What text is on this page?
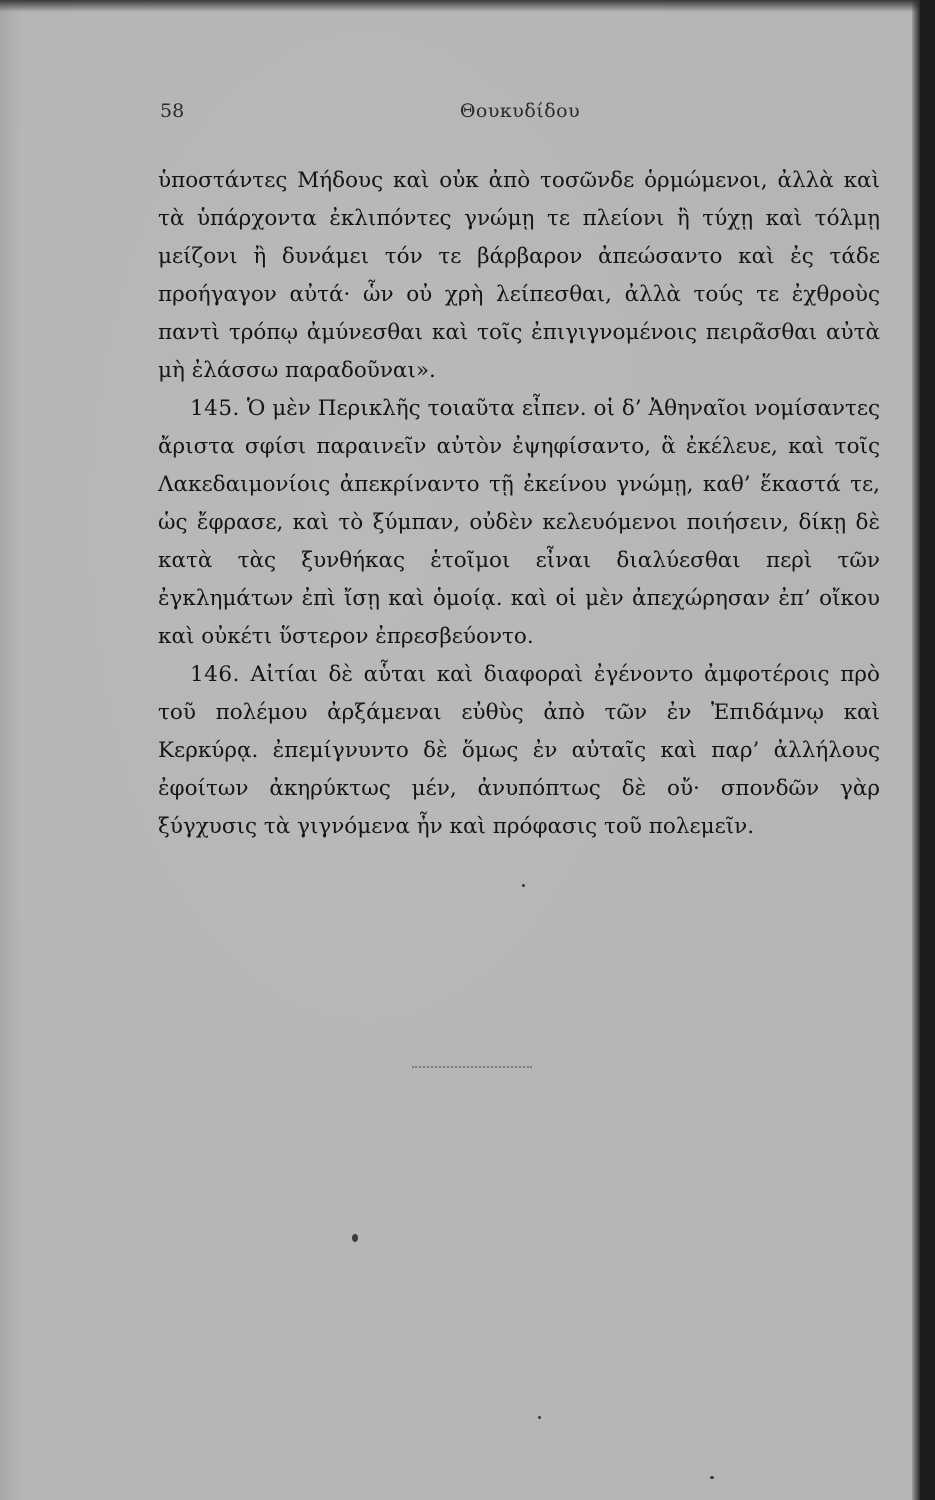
58	Θουκυδίδου

ὑποστάντες Μήδους καὶ οὐκ ἀπὸ τοσῶνδε ὁρμώμενοι, ἀλλὰ καὶ τὰ ὑπάρχοντα ἐκλιπόντες γνώμῃ τε πλείονι ἢ τύχῃ καὶ τόλμῃ μείζονι ἢ δυνάμει τόν τε βάρβαρον ἀπεώσαντο καὶ ἐς τάδε προήγαγον αὐτά· ὧν οὐ χρὴ λείπεσθαι, ἀλλὰ τούς τε ἐχθροὺς παντὶ τρόπῳ ἀμύνεσθαι καὶ τοῖς ἐπιγιγνομένοις πειρᾶσθαι αὐτὰ μὴ ἐλάσσω παραδοῦναι».

145. Ὁ μὲν Περικλῆς τοιαῦτα εἶπεν. οἱ δ’ Ἀθηναῖοι νομίσαντες ἄριστα σφίσι παραινεῖν αὐτὸν ἐψηφίσαντο, ἃ ἐκέλευε, καὶ τοῖς Λακεδαιμονίοις ἀπεκρίναντο τῇ ἐκείνου γνώμῃ, καθ’ ἕκαστά τε, ὡς ἔφρασε, καὶ τὸ ξύμπαν, οὐδὲν κελευόμενοι ποιήσειν, δίκῃ δὲ κατὰ τὰς ξυνθήκας ἑτοῖμοι εἶναι διαλύεσθαι περὶ τῶν ἐγκλημάτων ἐπὶ ἴσῃ καὶ ὁμοίᾳ. καὶ οἱ μὲν ἀπεχώρησαν ἐπ’ οἴκου καὶ οὐκέτι ὕστερον ἐπρεσβεύοντο.

146. Αἰτίαι δὲ αὗται καὶ διαφοραὶ ἐγένοντο ἀμφοτέροις πρὸ τοῦ πολέμου ἀρξάμεναι εὐθὺς ἀπὸ τῶν ἐν Ἐπιδάμνῳ καὶ Κερκύρᾳ. ἐπεμίγνυντο δὲ ὅμως ἐν αὐταῖς καὶ παρ’ ἀλλήλους ἐφοίτων ἀκηρύκτως μέν, ἀνυπόπτως δὲ οὔ· σπονδῶν γὰρ ξύγχυσις τὰ γιγνόμενα ἦν καὶ πρόφασις τοῦ πολεμεῖν.
